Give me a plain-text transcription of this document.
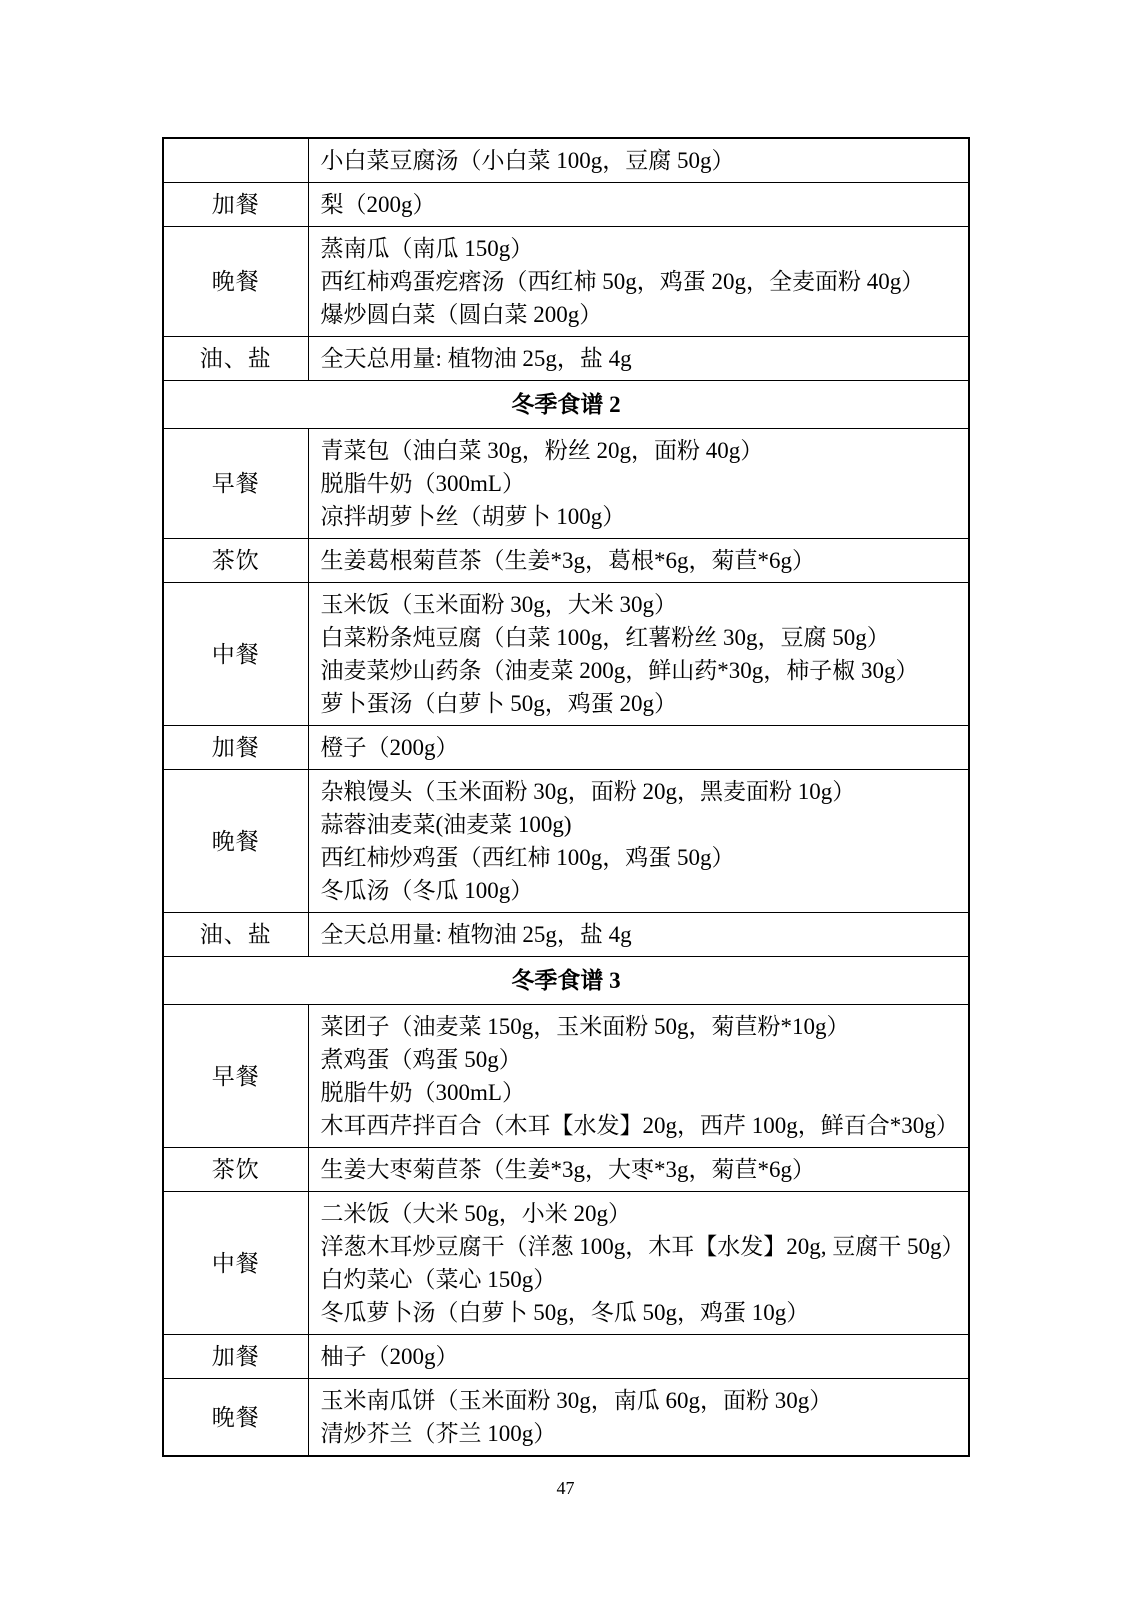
	小白菜豆腐汤（小白菜 100g，豆腐 50g）

加餐	梨（200g）

晚餐	蒸南瓜（南瓜 150g）
西红柿鸡蛋疙瘩汤（西红柿 50g，鸡蛋 20g，全麦面粉 40g）
爆炒圆白菜（圆白菜 200g）

油、盐	全天总用量: 植物油 25g，盐 4g

冬季食谱 2	
早餐	青菜包（油白菜 30g，粉丝 20g，面粉 40g）
脱脂牛奶（300mL）
凉拌胡萝卜丝（胡萝卜 100g）

茶饮	生姜葛根菊苣茶（生姜*3g，葛根*6g，菊苣*6g）

中餐	玉米饭（玉米面粉 30g，大米 30g）
白菜粉条炖豆腐（白菜 100g，红薯粉丝 30g，豆腐 50g）
油麦菜炒山药条（油麦菜 200g，鲜山药*30g，柿子椒 30g）
萝卜蛋汤（白萝卜 50g，鸡蛋 20g）

加餐	橙子（200g）

晚餐	杂粮馒头（玉米面粉 30g，面粉 20g，黑麦面粉 10g）
蒜蓉油麦菜(油麦菜 100g)
西红柿炒鸡蛋（西红柿 100g，鸡蛋 50g）
冬瓜汤（冬瓜 100g）

油、盐	全天总用量: 植物油 25g，盐 4g

冬季食谱 3	
早餐	菜团子（油麦菜 150g，玉米面粉 50g，菊苣粉*10g）
煮鸡蛋（鸡蛋 50g）
脱脂牛奶（300mL）
木耳西芹拌百合（木耳【水发】20g，西芹 100g，鲜百合*30g）

茶饮	生姜大枣菊苣茶（生姜*3g，大枣*3g，菊苣*6g）

中餐	二米饭（大米 50g，小米 20g）
洋葱木耳炒豆腐干（洋葱 100g，木耳【水发】20g, 豆腐干 50g）
白灼菜心（菜心 150g）
冬瓜萝卜汤（白萝卜 50g，冬瓜 50g，鸡蛋 10g）

加餐	柚子（200g）

晚餐	玉米南瓜饼（玉米面粉 30g，南瓜 60g，面粉 30g）
清炒芥兰（芥兰 100g）
47
